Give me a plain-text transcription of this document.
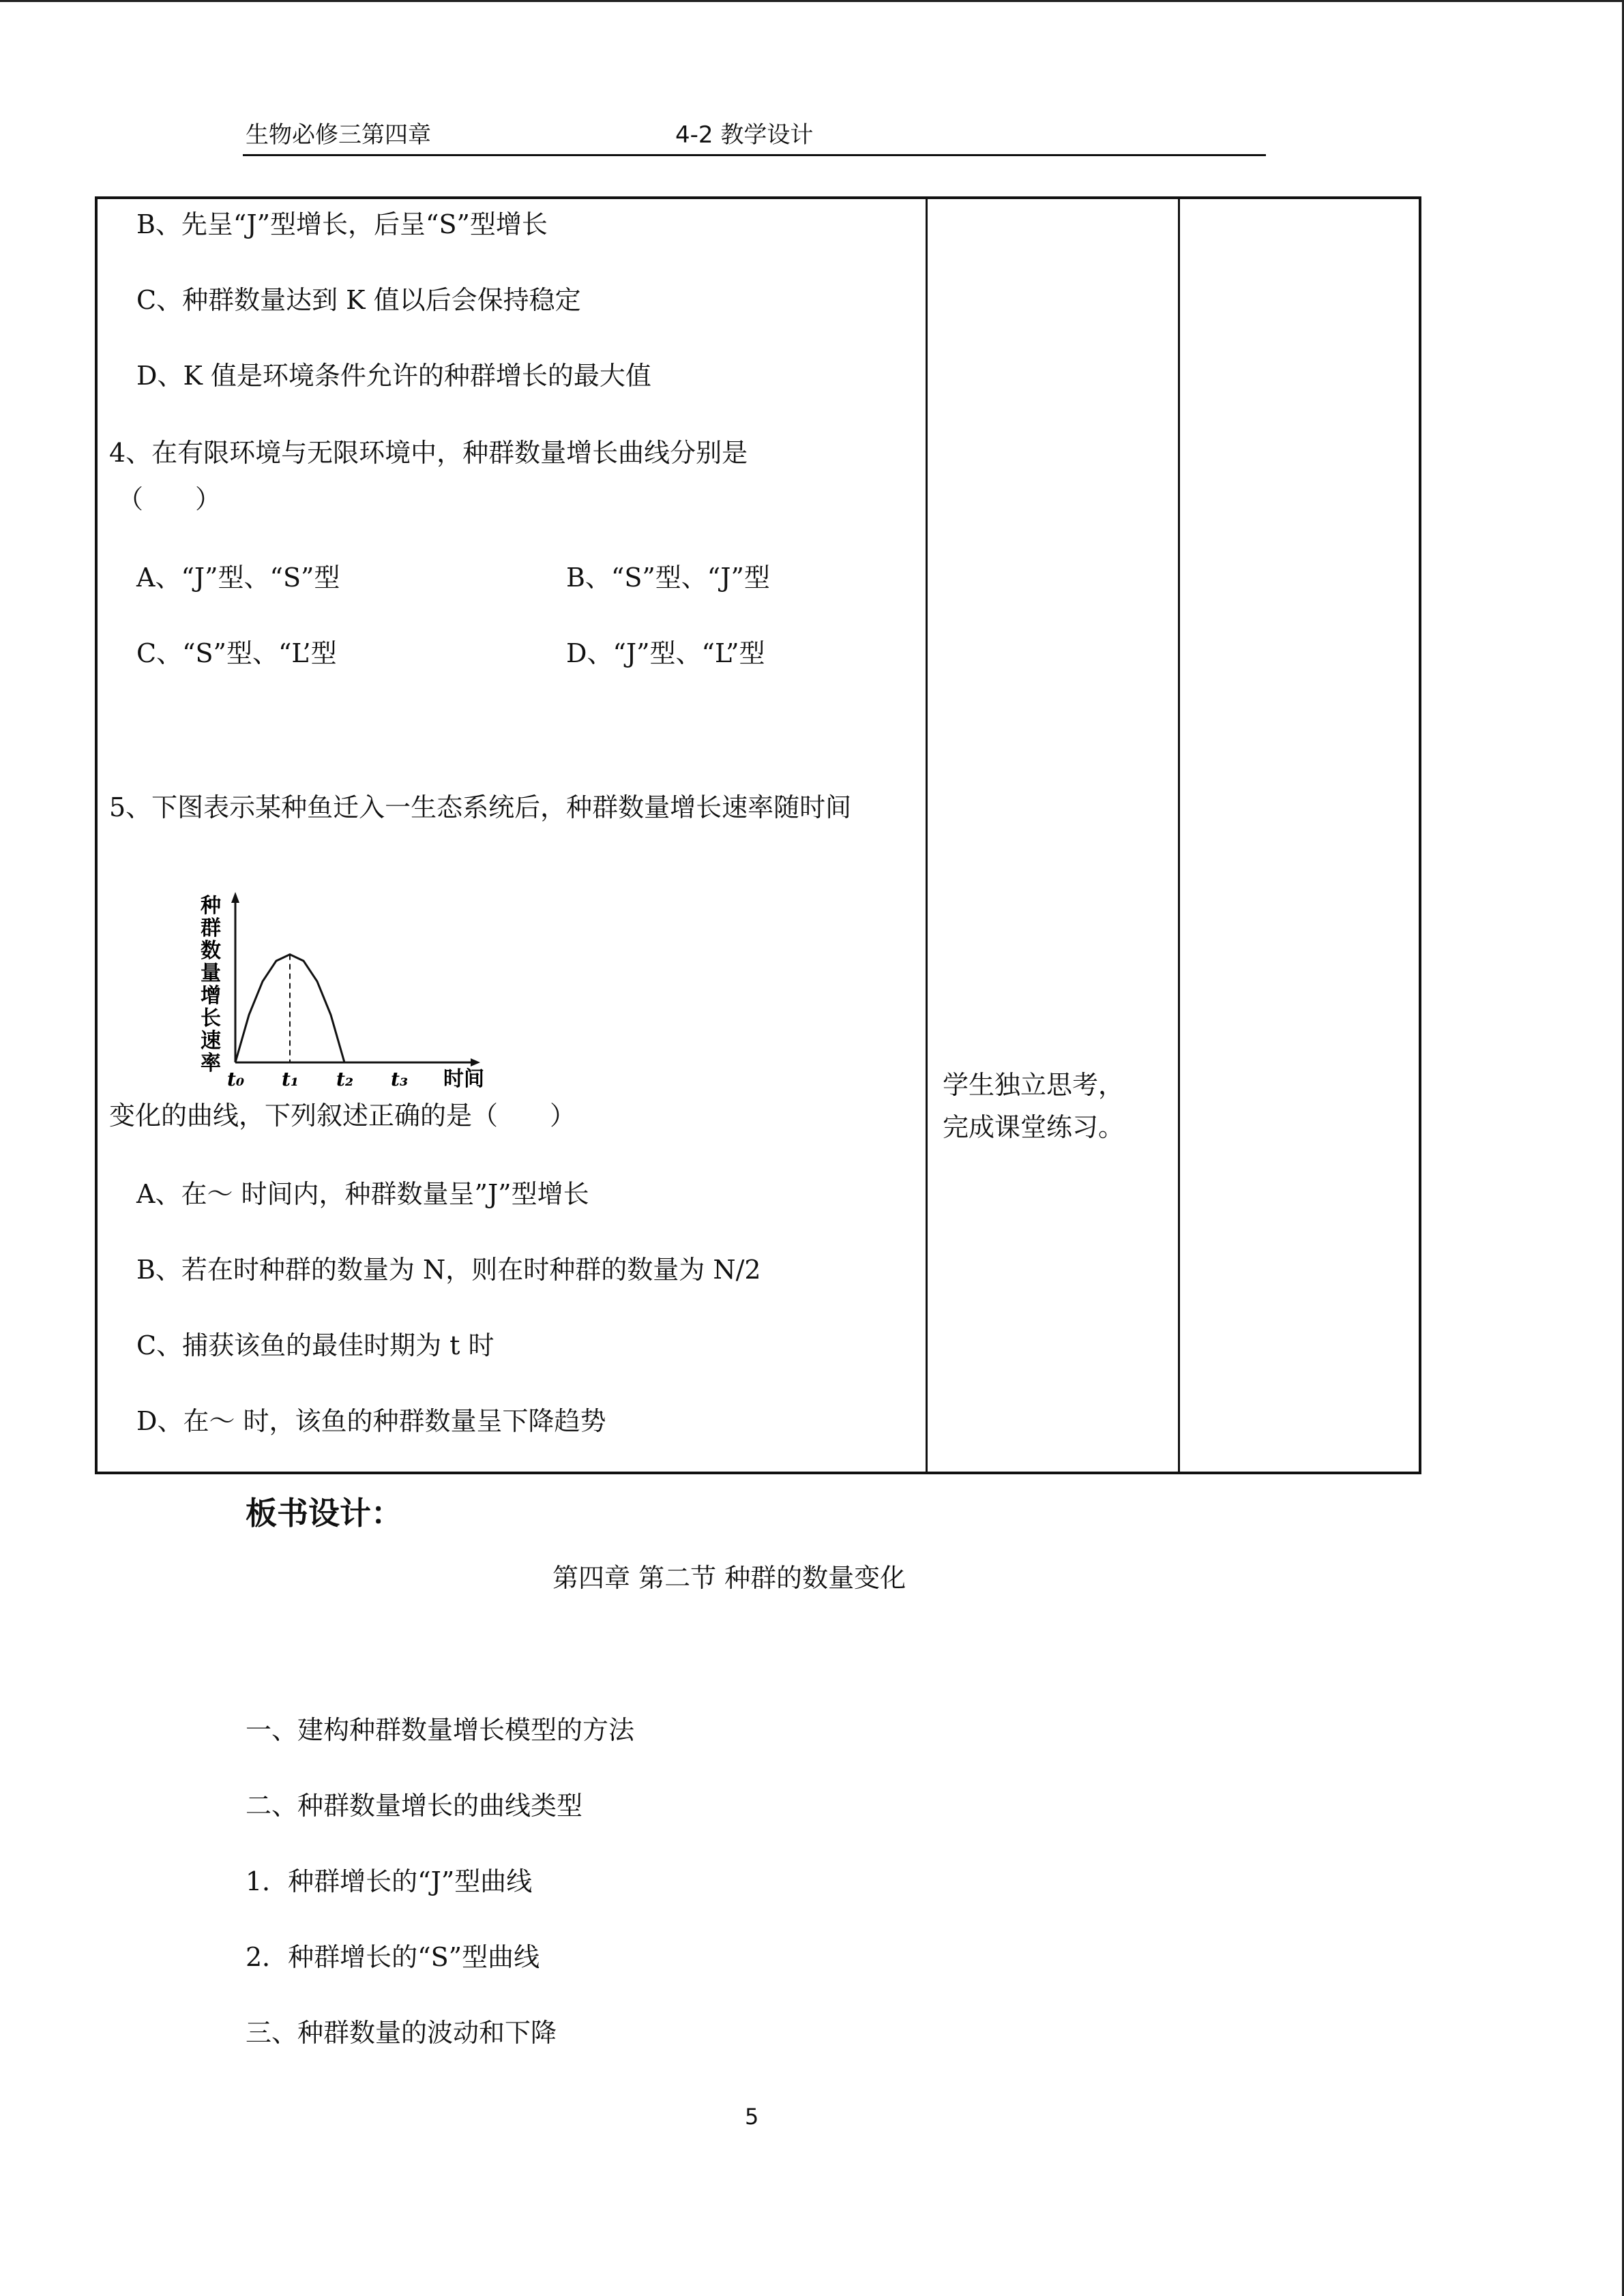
生物必修三第四章	4-2 教学设计
B、先呈“J”型增长，后呈“S”型增长
C、种群数量达到 K 值以后会保持稳定
D、K 值是环境条件允许的种群增长的最大值
4、在有限环境与无限环境中，种群数量增长曲线分别是
（　　）
A、“J”型、“S”型	B、“S”型、“J”型
C、“S”型、“L’型	D、“J”型、“L”型
5、下图表示某种鱼迁入一生态系统后，种群数量增长速率随时间
种
群
数
量
增
长
速
率
t₀ t₁ t₂ t₃ 时间
变化的曲线，下列叙述正确的是（　　）
A、在～ 时间内，种群数量呈”J”型增长
B、若在时种群的数量为 N，则在时种群的数量为 N/2
C、捕获该鱼的最佳时期为 t 时
D、在～ 时，该鱼的种群数量呈下降趋势
学生独立思考，
完成课堂练习。
板书设计：
第四章 第二节 种群的数量变化
一、建构种群数量增长模型的方法
二、种群数量增长的曲线类型
1．种群增长的“J”型曲线
2．种群增长的“S”型曲线
三、种群数量的波动和下降
5
